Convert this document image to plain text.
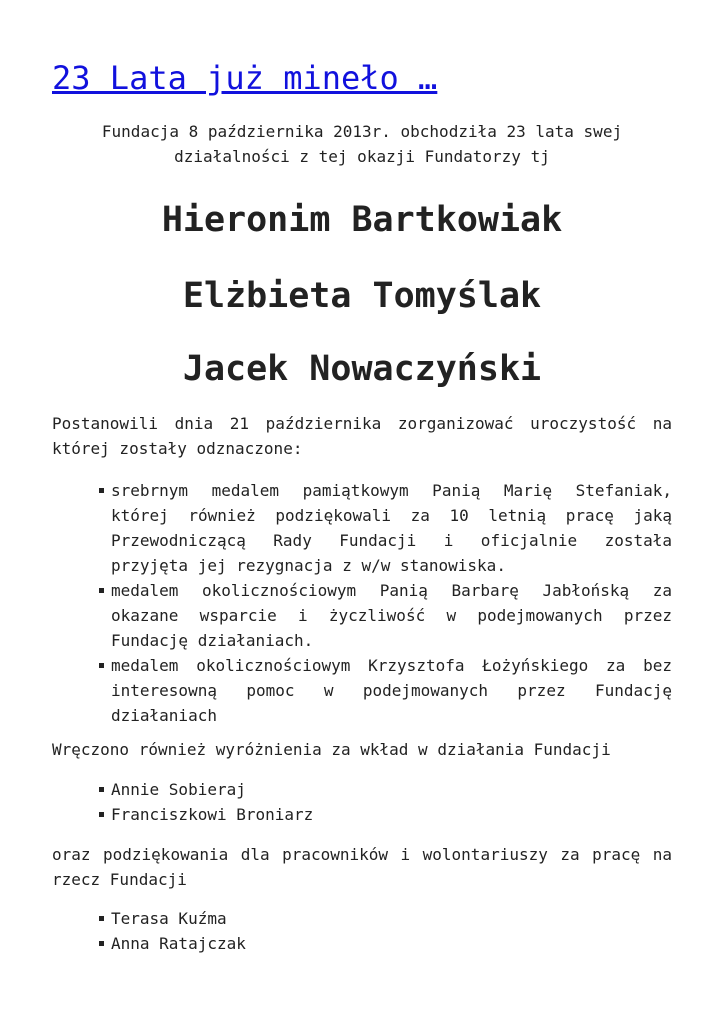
23 Lata już mineło …

Fundacja 8 października 2013r. obchodziła 23 lata swej
działalności z tej okazji Fundatorzy tj

Hieronim Bartkowiak
Elżbieta Tomyślak
Jacek Nowaczyński

Postanowili dnia 21 października zorganizować uroczystość na
której zostały odznaczone:

srebrnym medalem pamiątkowym Panią Marię Stefaniak,
której również podziękowali za 10 letnią pracę jaką
Przewodniczącą Rady Fundacji i oficjalnie została
przyjęta jej rezygnacja z w/w stanowiska.
medalem okolicznościowym Panią Barbarę Jabłońską za
okazane wsparcie i życzliwość w podejmowanych przez
Fundację działaniach.
medalem okolicznościowym Krzysztofa Łożyńskiego za bez
interesowną pomoc w podejmowanych przez Fundację
działaniach

Wręczono również wyróżnienia za wkład w działania Fundacji

Annie Sobieraj
Franciszkowi Broniarz

oraz podziękowania dla pracowników i wolontariuszy za pracę na
rzecz Fundacji

Terasa Kuźma
Anna Ratajczak
